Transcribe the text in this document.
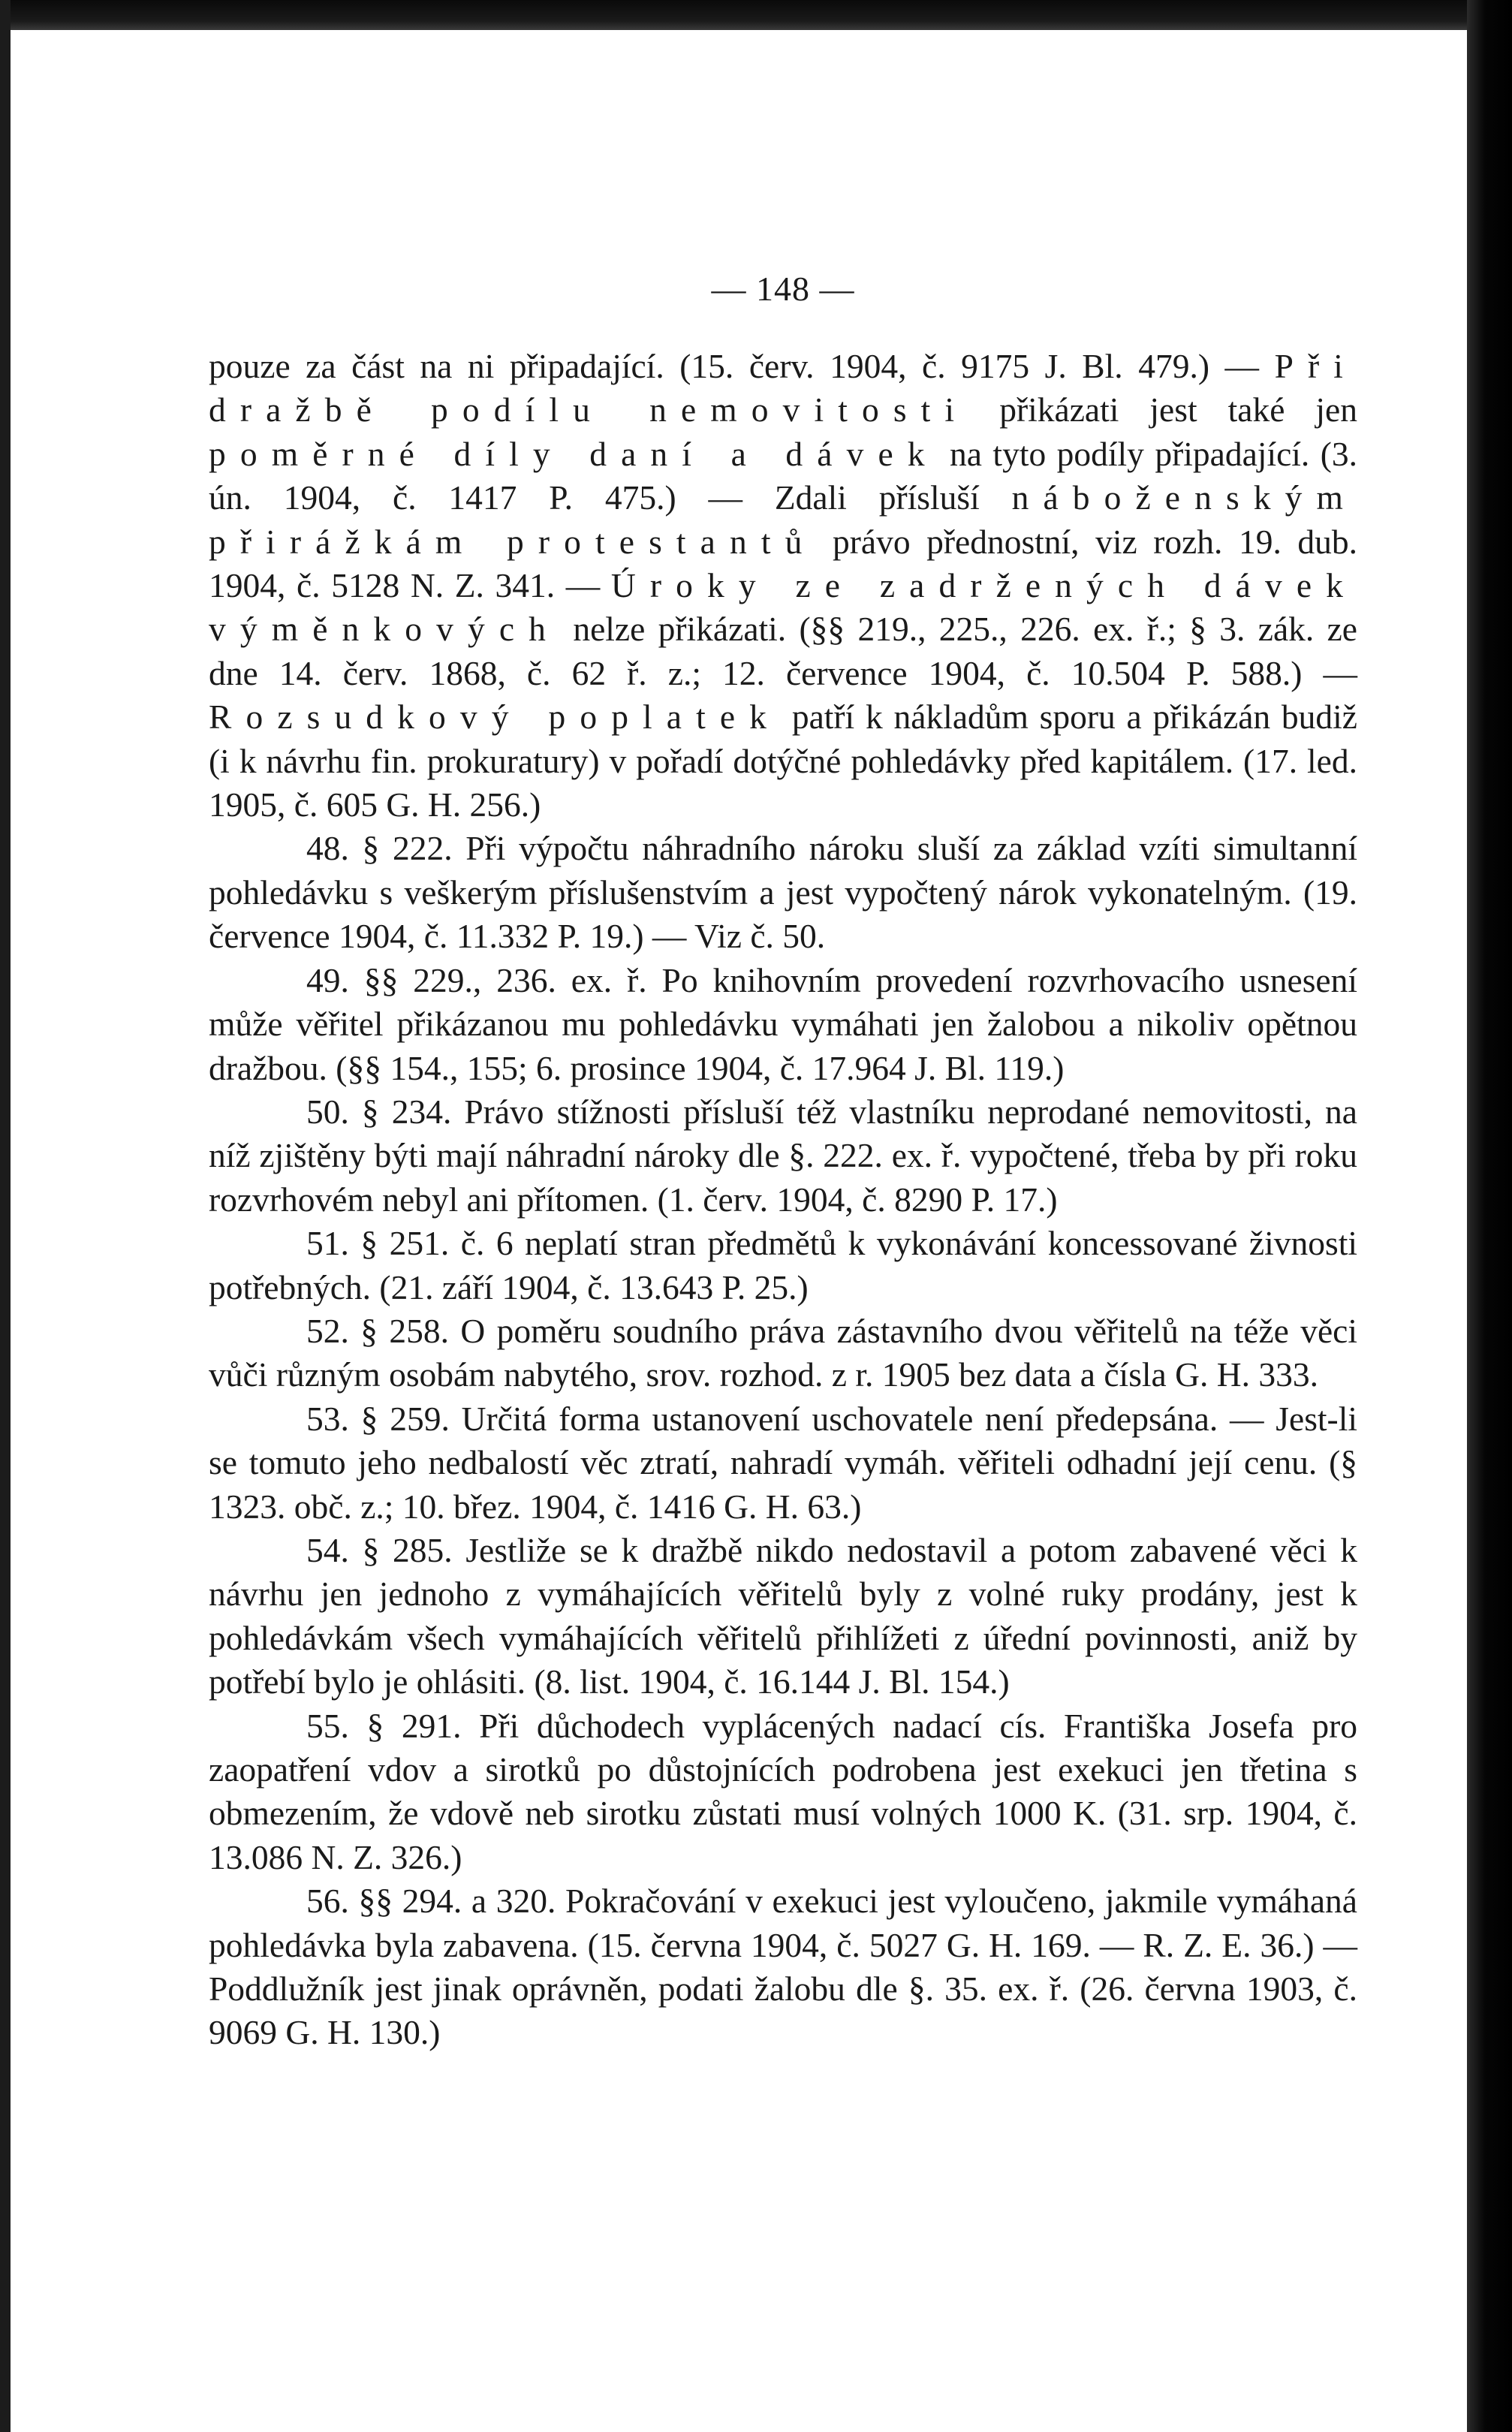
— 148 —

pouze za část na ni připadající. (15. červ. 1904, č. 9175 J. Bl. 479.) — Při dražbě podílu nemovitosti přikázati jest také jen poměrné díly daní a dávek na tyto podíly připadající. (3. ún. 1904, č. 1417 P. 475.) — Zdali přísluší náboženským přirážkám protestantů právo přednostní, viz rozh. 19. dub. 1904, č. 5128 N. Z. 341. — Úroky ze zadržených dávek výměnkových nelze přikázati. (§§ 219., 225., 226. ex. ř.; § 3. zák. ze dne 14. červ. 1868, č. 62 ř. z.; 12. července 1904, č. 10.504 P. 588.) — Rozsudkový poplatek patří k nákladům sporu a přikázán budiž (i k návrhu fin. prokuratury) v pořadí dotýčné pohledávky před kapitálem. (17. led. 1905, č. 605 G. H. 256.)

48. § 222. Při výpočtu náhradního nároku sluší za základ vzíti simultanní pohledávku s veškerým příslušenstvím a jest vypočtený nárok vykonatelným. (19. července 1904, č. 11.332 P. 19.) — Viz č. 50.

49. §§ 229., 236. ex. ř. Po knihovním provedení rozvrhovacího usnesení může věřitel přikázanou mu pohledávku vymáhati jen žalobou a nikoliv opětnou dražbou. (§§ 154., 155; 6. prosince 1904, č. 17.964 J. Bl. 119.)

50. § 234. Právo stížnosti přísluší též vlastníku neprodané nemovitosti, na níž zjištěny býti mají náhradní nároky dle §. 222. ex. ř. vypočtené, třeba by při roku rozvrhovém nebyl ani přítomen. (1. červ. 1904, č. 8290 P. 17.)

51. § 251. č. 6 neplatí stran předmětů k vykonávání koncessované živnosti potřebných. (21. září 1904, č. 13.643 P. 25.)

52. § 258. O poměru soudního práva zástavního dvou věřitelů na téže věci vůči různým osobám nabytého, srov. rozhod. z r. 1905 bez data a čísla G. H. 333.

53. § 259. Určitá forma ustanovení uschovatele není předepsána. — Jest-li se tomuto jeho nedbalostí věc ztratí, nahradí vymáh. věřiteli odhadní její cenu. (§ 1323. obč. z.; 10. břez. 1904, č. 1416 G. H. 63.)

54. § 285. Jestliže se k dražbě nikdo nedostavil a potom zabavené věci k návrhu jen jednoho z vymáhajících věřitelů byly z volné ruky prodány, jest k pohledávkám všech vymáhajících věřitelů přihlížeti z úřední povinnosti, aniž by potřebí bylo je ohlásiti. (8. list. 1904, č. 16.144 J. Bl. 154.)

55. § 291. Při důchodech vyplácených nadací cís. Františka Josefa pro zaopatření vdov a sirotků po důstojnících podrobena jest exekuci jen třetina s obmezením, že vdově neb sirotku zůstati musí volných 1000 K. (31. srp. 1904, č. 13.086 N. Z. 326.)

56. §§ 294. a 320. Pokračování v exekuci jest vyloučeno, jakmile vymáhaná pohledávka byla zabavena. (15. června 1904, č. 5027 G. H. 169. — R. Z. E. 36.) — Poddlužník jest jinak oprávněn, podati žalobu dle §. 35. ex. ř. (26. června 1903, č. 9069 G. H. 130.)
